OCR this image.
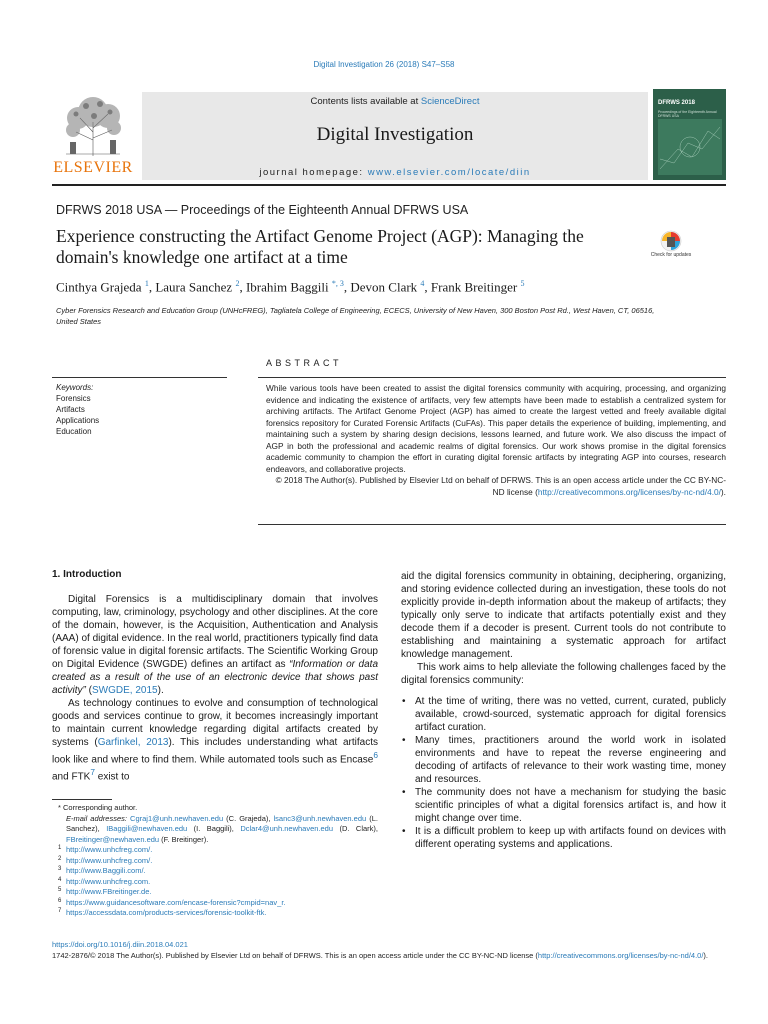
Digital Investigation 26 (2018) S47–S58
ELSEVIER
Contents lists available at ScienceDirect
Digital Investigation
journal homepage: www.elsevier.com/locate/diin
DFRWS 2018
Proceedings of the Eighteenth Annual DFRWS USA
DFRWS 2018 USA — Proceedings of the Eighteenth Annual DFRWS USA
Experience constructing the Artifact Genome Project (AGP): Managing the domain's knowledge one artifact at a time	Check for updates
Cinthya Grajeda $^1$, Laura Sanchez $^2$, Ibrahim Baggili $^{*, 3}$, Devon Clark $^4$, Frank Breitinger $^5$
Cyber Forensics Research and Education Group (UNHcFREG), Tagliatela College of Engineering, ECECS, University of New Haven, 300 Boston Post Rd., West Haven, CT, 06516, United States
ABSTRACT
Keywords:
Forensics
Artifacts
Applications
Education
While various tools have been created to assist the digital forensics community with acquiring, processing, and organizing evidence and indicating the existence of artifacts, very few attempts have been made to establish a centralized system for archiving artifacts. The Artifact Genome Project (AGP) has aimed to create the largest vetted and freely available digital forensics repository for Curated Forensic Artifacts (CuFAs). This paper details the experience of building, implementing, and maintaining such a system by sharing design decisions, lessons learned, and future work. We also discuss the impact of AGP in both the professional and academic realms of digital forensics. Our work shows promise in the digital forensics academic community to champion the effort in curating digital forensic artifacts by integrating AGP into courses, research endeavors, and collaborative projects.
© 2018 The Author(s). Published by Elsevier Ltd on behalf of DFRWS. This is an open access article under the CC BY-NC-ND license (http://creativecommons.org/licenses/by-nc-nd/4.0/).

1. Introduction

Digital Forensics is a multidisciplinary domain that involves computing, law, criminology, psychology and other disciplines. At the core of the domain, however, is the Acquisition, Authentication and Analysis (AAA) of digital evidence. In the real world, practitioners typically find data of forensic value in digital forensic artifacts. The Scientific Working Group on Digital Evidence (SWGDE) defines an artifact as “Information or data created as a result of the use of an electronic device that shows past activity” (SWGDE, 2015).

As technology continues to evolve and consumption of technological goods and services continue to grow, it becomes increasingly important to maintain current knowledge regarding digital artifacts created by systems (Garfinkel, 2013). This includes understanding what artifacts look like and where to find them. While automated tools such as Encase$^6$ and FTK$^7$ exist to

aid the digital forensics community in obtaining, deciphering, organizing, and storing evidence collected during an investigation, these tools do not explicitly provide in-depth information about the makeup of artifacts; they typically only serve to indicate that artifacts potentially exist and they decode them if a decoder is present. Current tools do not contribute to establishing and maintaining a systematic approach for artifact knowledge management.

This work aims to help alleviate the following challenges faced by the digital forensics community:

• At the time of writing, there was no vetted, current, curated, publicly available, crowd-sourced, systematic approach for digital forensics artifact curation.
• Many times, practitioners around the world work in isolated environments and have to repeat the reverse engineering and decoding of artifacts of relevance to their work wasting time, money and resources.
• The community does not have a mechanism for studying the basic scientific principles of what a digital forensics artifact is, and how it might change over time.
• It is a difficult problem to keep up with artifacts found on devices with different operating systems and applications.
* Corresponding author.
E-mail addresses: Cgraj1@unh.newhaven.edu (C. Grajeda), lsanc3@unh.newhaven.edu (L. Sanchez), IBaggili@newhaven.edu (I. Baggili), Dclar4@unh.newhaven.edu (D. Clark), FBreitinger@newhaven.edu (F. Breitinger).
1 http://www.unhcfreg.com/.
2 http://www.unhcfreg.com/.
3 http://www.Baggili.com/.
4 http://www.unhcfreg.com.
5 http://www.FBreitinger.de.
6 https://www.guidancesoftware.com/encase-forensic?cmpid=nav_r.
7 https://accessdata.com/products-services/forensic-toolkit-ftk.
https://doi.org/10.1016/j.diin.2018.04.021
1742-2876/© 2018 The Author(s). Published by Elsevier Ltd on behalf of DFRWS. This is an open access article under the CC BY-NC-ND license (http://creativecommons.org/licenses/by-nc-nd/4.0/).
